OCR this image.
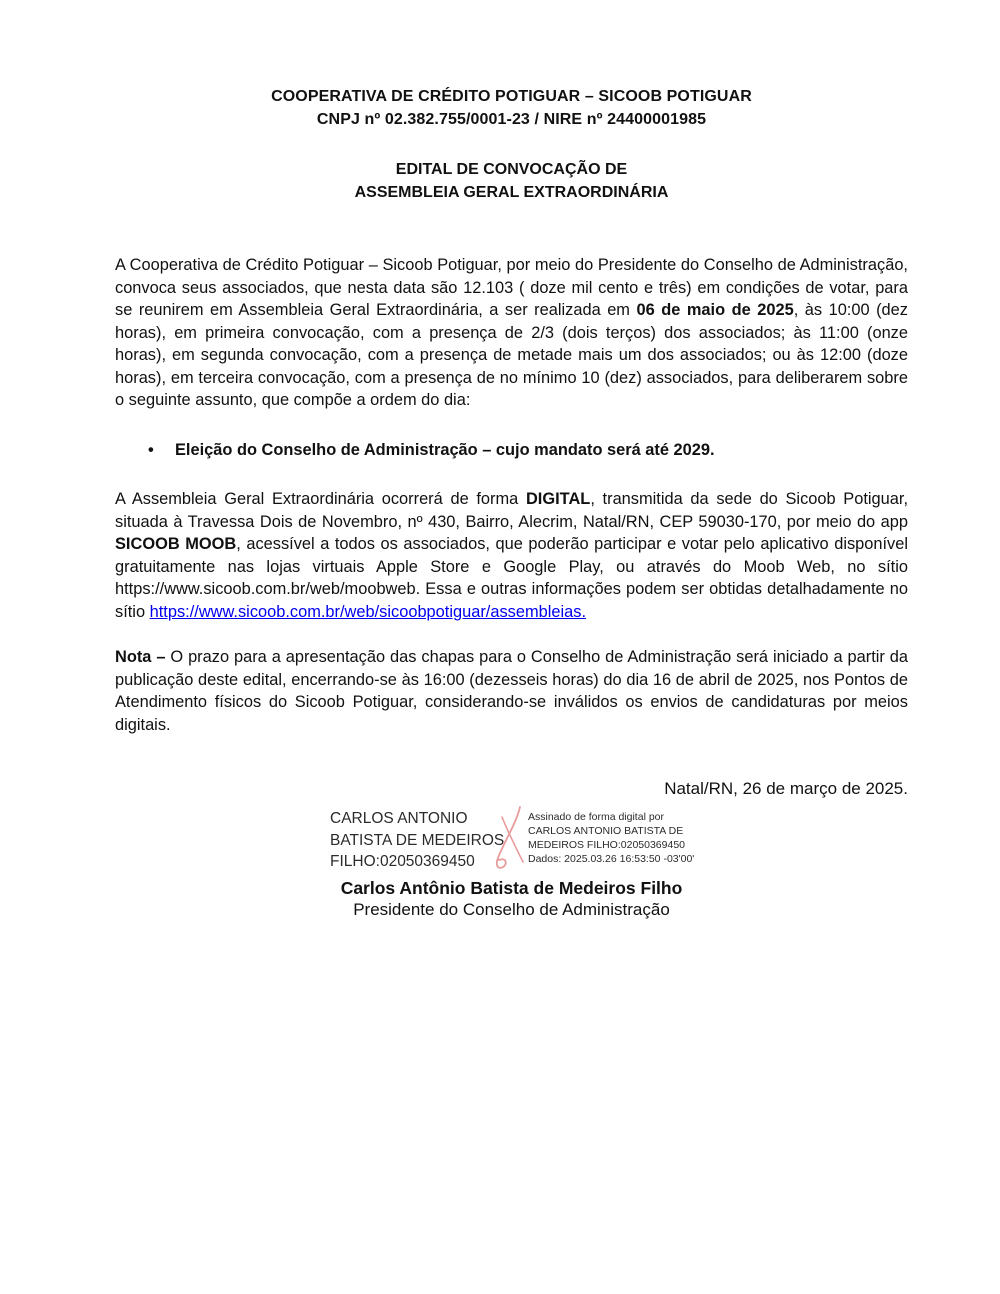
COOPERATIVA DE CRÉDITO POTIGUAR – SICOOB POTIGUAR
CNPJ nº 02.382.755/0001-23 / NIRE nº 24400001985
EDITAL DE CONVOCAÇÃO DE
ASSEMBLEIA GERAL EXTRAORDINÁRIA

A Cooperativa de Crédito Potiguar – Sicoob Potiguar, por meio do Presidente do Conselho de Administração, convoca seus associados, que nesta data são 12.103 ( doze mil cento e três) em condições de votar, para se reunirem em Assembleia Geral Extraordinária, a ser realizada em 06 de maio de 2025, às 10:00 (dez horas), em primeira convocação, com a presença de 2/3 (dois terços) dos associados; às 11:00 (onze horas), em segunda convocação, com a presença de metade mais um dos associados; ou às 12:00 (doze horas), em terceira convocação, com a presença de no mínimo 10 (dez) associados, para deliberarem sobre o seguinte assunto, que compõe a ordem do dia:

•	Eleição do Conselho de Administração – cujo mandato será até 2029.

A Assembleia Geral Extraordinária ocorrerá de forma DIGITAL, transmitida da sede do Sicoob Potiguar, situada à Travessa Dois de Novembro, nº 430, Bairro, Alecrim, Natal/RN, CEP 59030-170, por meio do app SICOOB MOOB, acessível a todos os associados, que poderão participar e votar pelo aplicativo disponível gratuitamente nas lojas virtuais Apple Store e Google Play, ou através do Moob Web, no sítio https://www.sicoob.com.br/web/moobweb. Essa e outras informações podem ser obtidas detalhadamente no sítio https://www.sicoob.com.br/web/sicoobpotiguar/assembleias.

Nota – O prazo para a apresentação das chapas para o Conselho de Administração será iniciado a partir da publicação deste edital, encerrando-se às 16:00 (dezesseis horas) do dia 16 de abril de 2025, nos Pontos de Atendimento físicos do Sicoob Potiguar, considerando-se inválidos os envios de candidaturas por meios digitais.

Natal/RN, 26 de março de 2025.
CARLOS ANTONIO
BATISTA DE MEDEIROS
FILHO:02050369450
Assinado de forma digital por
CARLOS ANTONIO BATISTA DE
MEDEIROS FILHO:02050369450
Dados: 2025.03.26 16:53:50 -03'00'
Carlos Antônio Batista de Medeiros Filho
Presidente do Conselho de Administração
